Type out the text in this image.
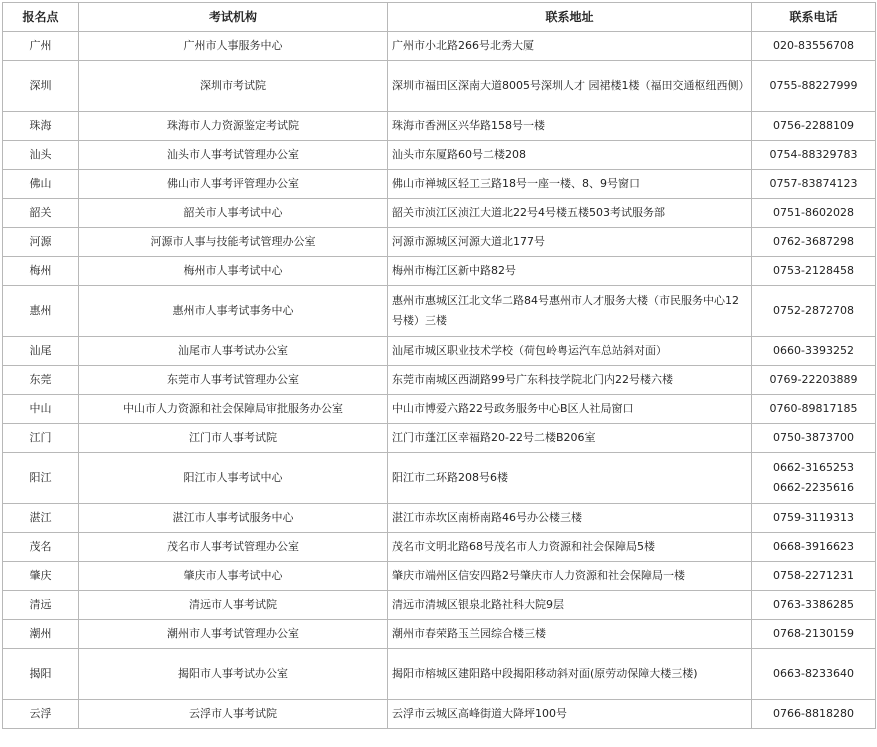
报名点	考试机构	联系地址	联系电话
广州	广州市人事服务中心	广州市小北路266号北秀大厦	020-83556708

深圳	深圳市考试院	深圳市福田区深南大道8005号深圳人才 园裙楼1楼（福田交通枢纽西侧）	0755-88227999

珠海	珠海市人力资源鉴定考试院	珠海市香洲区兴华路158号一楼	0756-2288109

汕头	汕头市人事考试管理办公室	汕头市东厦路60号二楼208	0754-88329783

佛山	佛山市人事考评管理办公室	佛山市禅城区轻工三路18号一座一楼、8、9号窗口	0757-83874123

韶关	韶关市人事考试中心	韶关市浈江区浈江大道北22号4号楼五楼503考试服务部	0751-8602028

河源	河源市人事与技能考试管理办公室	河源市源城区河源大道北177号	0762-3687298

梅州	梅州市人事考试中心	梅州市梅江区新中路82号	0753-2128458

惠州	惠州市人事考试事务中心	惠州市惠城区江北文华二路84号惠州市人才服务大楼（市民服务中心12号楼）三楼	0752-2872708

汕尾	汕尾市人事考试办公室	汕尾市城区职业技术学校（荷包岭粤运汽车总站斜对面）	0660-3393252

东莞	东莞市人事考试管理办公室	东莞市南城区西湖路99号广东科技学院北门内22号楼六楼	0769-22203889

中山	中山市人力资源和社会保障局审批服务办公室	中山市博爱六路22号政务服务中心B区人社局窗口	0760-89817185

江门	江门市人事考试院	江门市蓬江区幸福路20-22号二楼B206室	0750-3873700

阳江	阳江市人事考试中心	阳江市二环路208号6楼	0662-3165253
0662-2235616

湛江	湛江市人事考试服务中心	湛江市赤坎区南桥南路46号办公楼三楼	0759-3119313

茂名	茂名市人事考试管理办公室	茂名市文明北路68号茂名市人力资源和社会保障局5楼	0668-3916623

肇庆	肇庆市人事考试中心	肇庆市端州区信安四路2号肇庆市人力资源和社会保障局一楼	0758-2271231

清远	清远市人事考试院	清远市清城区银泉北路社科大院9层	0763-3386285

潮州	潮州市人事考试管理办公室	潮州市春荣路玉兰园综合楼三楼	0768-2130159

揭阳	揭阳市人事考试办公室	揭阳市榕城区建阳路中段揭阳移动斜对面(原劳动保障大楼三楼)	0663-8233640

云浮	云浮市人事考试院	云浮市云城区高峰街道大降坪100号	0766-8818280
